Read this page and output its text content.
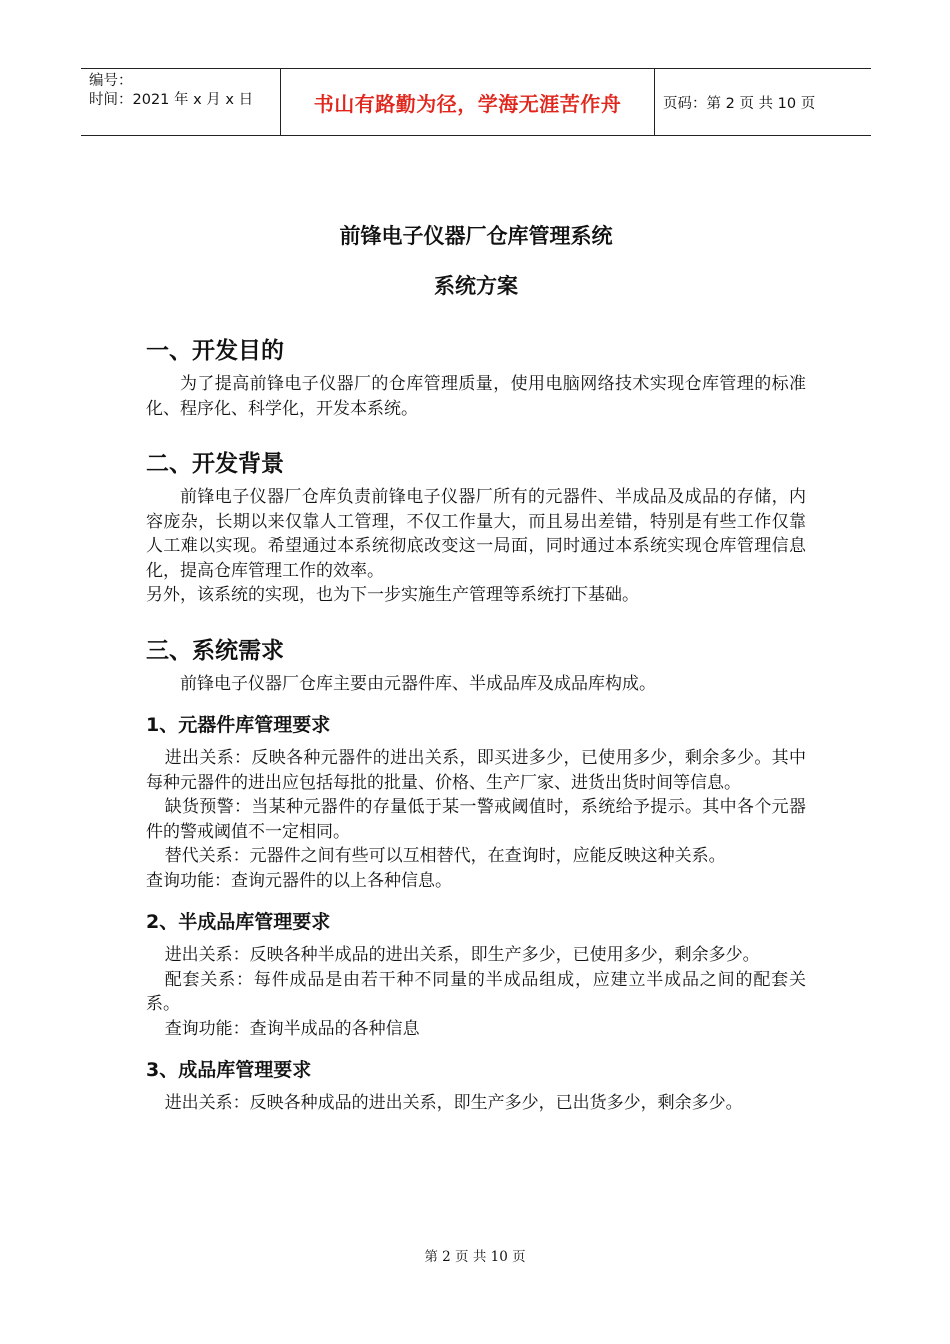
编号：
时间：2021 年 x 月 x 日	书山有路勤为径，学海无涯苦作舟	页码：第 2 页 共 10 页
前锋电子仪器厂仓库管理系统
系统方案
一、开发目的

为了提高前锋电子仪器厂的仓库管理质量，使用电脑网络技术实现仓库管理的标准化、程序化、科学化，开发本系统。

二、开发背景

前锋电子仪器厂仓库负责前锋电子仪器厂所有的元器件、半成品及成品的存储，内容庞杂，长期以来仅靠人工管理，不仅工作量大，而且易出差错，特别是有些工作仅靠人工难以实现。希望通过本系统彻底改变这一局面，同时通过本系统实现仓库管理信息化，提高仓库管理工作的效率。

另外，该系统的实现，也为下一步实施生产管理等系统打下基础。

三、系统需求

前锋电子仪器厂仓库主要由元器件库、半成品库及成品库构成。

1、元器件库管理要求

进出关系：反映各种元器件的进出关系，即买进多少，已使用多少，剩余多少。其中每种元器件的进出应包括每批的批量、价格、生产厂家、进货出货时间等信息。

缺货预警：当某种元器件的存量低于某一警戒阈值时，系统给予提示。其中各个元器件的警戒阈值不一定相同。

替代关系：元器件之间有些可以互相替代，在查询时，应能反映这种关系。

查询功能：查询元器件的以上各种信息。

2、半成品库管理要求

进出关系：反映各种半成品的进出关系，即生产多少，已使用多少，剩余多少。

配套关系：每件成品是由若干种不同量的半成品组成，应建立半成品之间的配套关系。

查询功能：查询半成品的各种信息

3、成品库管理要求

进出关系：反映各种成品的进出关系，即生产多少，已出货多少，剩余多少。

第 2 页 共 10 页
